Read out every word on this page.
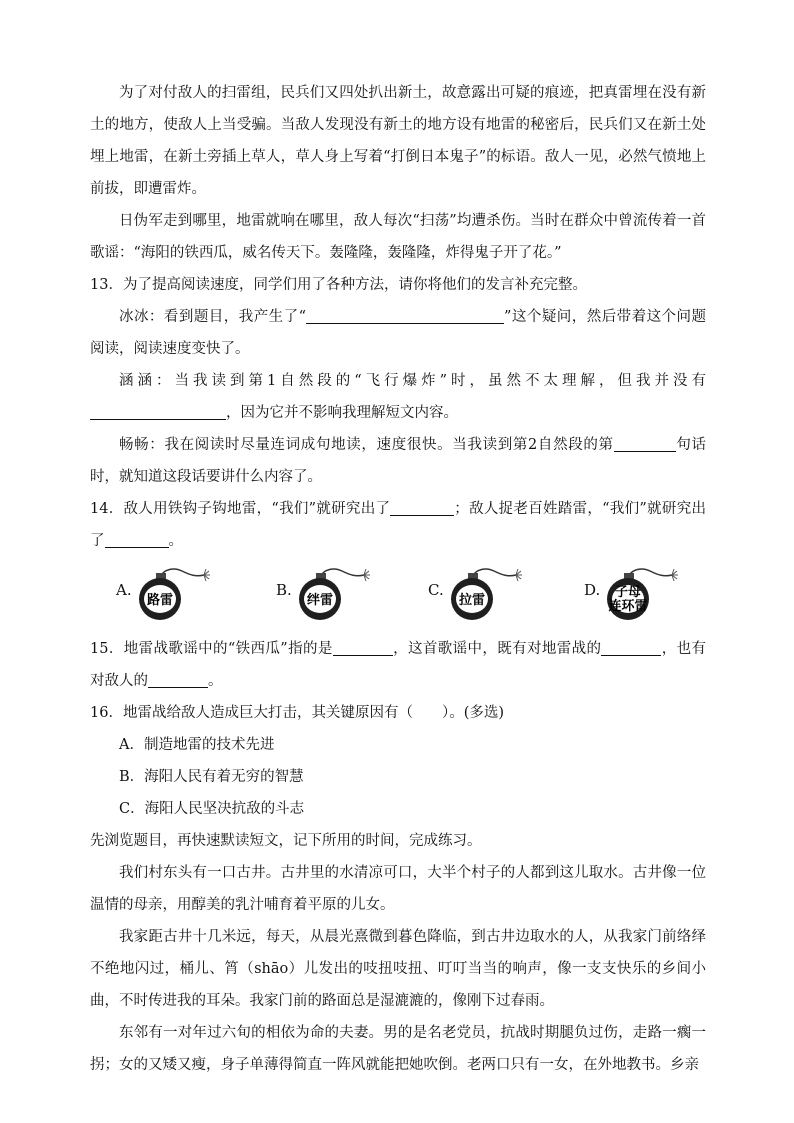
为了对付敌人的扫雷组，民兵们又四处扒出新土，故意露出可疑的痕迹，把真雷埋在没有新土的地方，使敌人上当受骗。当敌人发现没有新土的地方设有地雷的秘密后，民兵们又在新土处埋上地雷，在新土旁插上草人，草人身上写着“打倒日本鬼子”的标语。敌人一见，必然气愤地上前拔，即遭雷炸。

日伪军走到哪里，地雷就响在哪里，敌人每次“扫荡”均遭杀伤。当时在群众中曾流传着一首歌谣：“海阳的铁西瓜，威名传天下。轰隆隆，轰隆隆，炸得鬼子开了花。”

13．为了提高阅读速度，同学们用了各种方法，请你将他们的发言补充完整。

冰冰：看到题目，我产生了“	”这个疑问，然后带着这个问题阅读，阅读速度变快了。

涵涵：当我读到第1自然段的“飞行爆炸”时，虽然不太理解，但我并没有，因为它并不影响我理解短文内容。

畅畅：我在阅读时尽量连词成句地读，速度很快。当我读到第2自然段的第	句话时，就知道这段话要讲什么内容了。

14．敌人用铁钩子钩地雷，“我们”就研究出了	；敌人捉老百姓踏雷，“我们”就研究出了	。

A.
路雷
B.
绊雷
C.
拉雷
D. 子母
连环雷

15．地雷战歌谣中的“铁西瓜”指的是	，这首歌谣中，既有对地雷战的	，也有对敌人的	。

16．地雷战给敌人造成巨大打击，其关键原因有（　　）。(多选)

A．制造地雷的技术先进

B．海阳人民有着无穷的智慧

C．海阳人民坚决抗敌的斗志

先浏览题目，再快速默读短文，记下所用的时间，完成练习。

我们村东头有一口古井。古井里的水清凉可口，大半个村子的人都到这儿取水。古井像一位温情的母亲，用醇美的乳汁哺育着平原的儿女。

我家距古井十几米远，每天，从晨光熹微到暮色降临，到古井边取水的人，从我家门前络绎不绝地闪过，桶儿、筲（shāo）儿发出的吱扭吱扭、叮叮当当的响声，像一支支快乐的乡间小曲，不时传进我的耳朵。我家门前的路面总是湿漉漉的，像刚下过春雨。

东邻有一对年过六旬的相依为命的夫妻。男的是名老党员，抗战时期腿负过伤，走路一瘸一拐；女的又矮又瘦，身子单薄得简直一阵风就能把她吹倒。老两口只有一女，在外地教书。乡亲
